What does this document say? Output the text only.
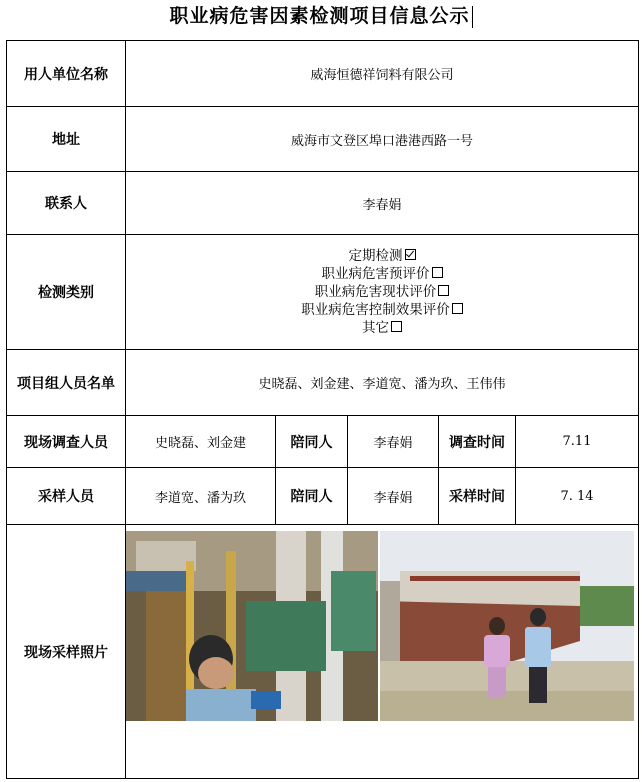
职业病危害因素检测项目信息公示
用人单位名称	威海恒德祥饲料有限公司				
地址	威海市文登区埠口港港西路一号				
联系人	李春娟				
检测类别	定期检测
职业病危害预评价
职业病危害现状评价
职业病危害控制效果评价
其它				

项目组人员名单	史晓磊、刘金建、李道宽、潘为玖、王伟伟				
现场调查人员	史晓磊、刘金建	陪同人	李春娟	调查时间	7.11
采样人员	李道宽、潘为玖	陪同人	李春娟	采样时间	7. 14
现场采样照片	
